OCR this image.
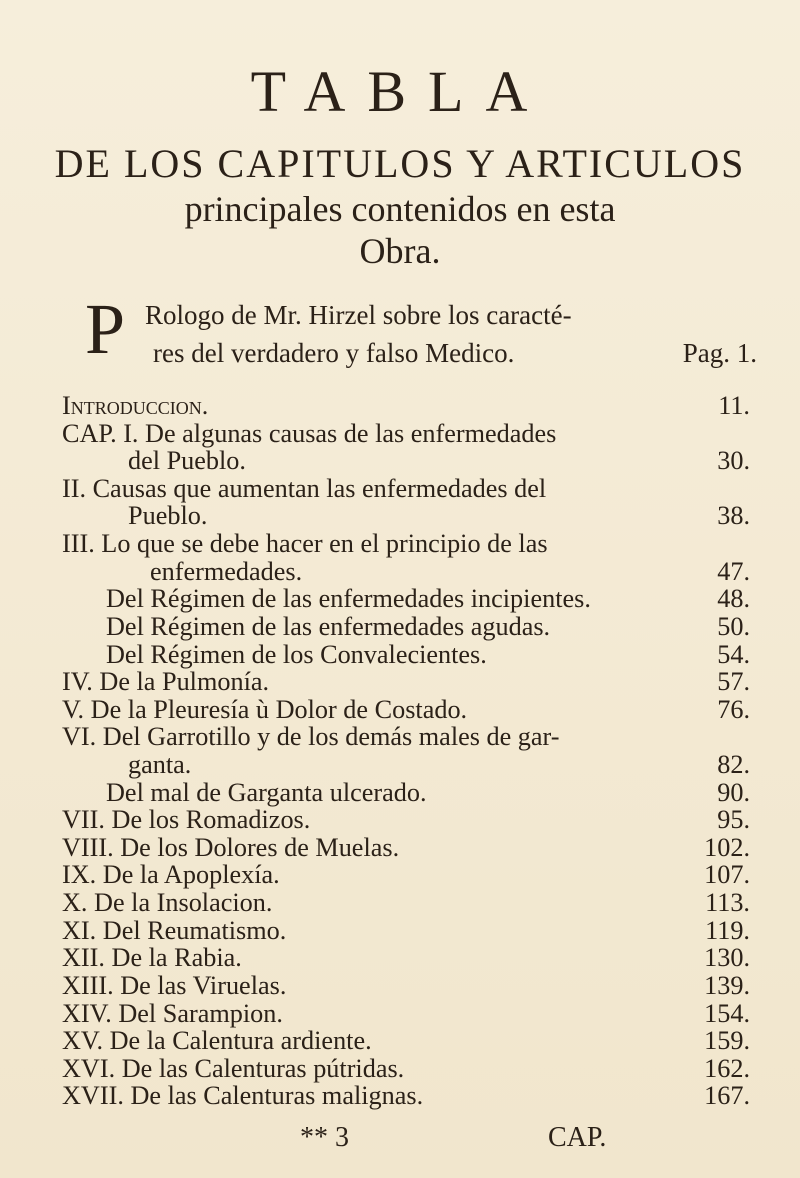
TABLA
DE LOS CAPITULOS Y ARTICULOS
principales contenidos en esta
Obra.
P Rologo de Mr. Hirzel sobre los caracté-
res del verdadero y falso Medico.	Pag. 1.
Introduccion.	11.
CAP. I. De algunas causas de las enfermedades
del Pueblo.	30.
II. Causas que aumentan las enfermedades del
Pueblo.	38.
III. Lo que se debe hacer en el principio de las
enfermedades.	47.
Del Régimen de las enfermedades incipientes.	48.
Del Régimen de las enfermedades agudas.	50.
Del Régimen de los Convalecientes.	54.
IV. De la Pulmonía.	57.
V. De la Pleuresía ù Dolor de Costado.	76.
VI. Del Garrotillo y de los demás males de gar-
ganta.	82.
Del mal de Garganta ulcerado.	90.
VII. De los Romadizos.	95.
VIII. De los Dolores de Muelas.	102.
IX. De la Apoplexía.	107.
X. De la Insolacion.	113.
XI. Del Reumatismo.	119.
XII. De la Rabia.	130.
XIII. De las Viruelas.	139.
XIV. Del Sarampion.	154.
XV. De la Calentura ardiente.	159.
XVI. De las Calenturas pútridas.	162.
XVII. De las Calenturas malignas.	167.
** 3	CAP.
